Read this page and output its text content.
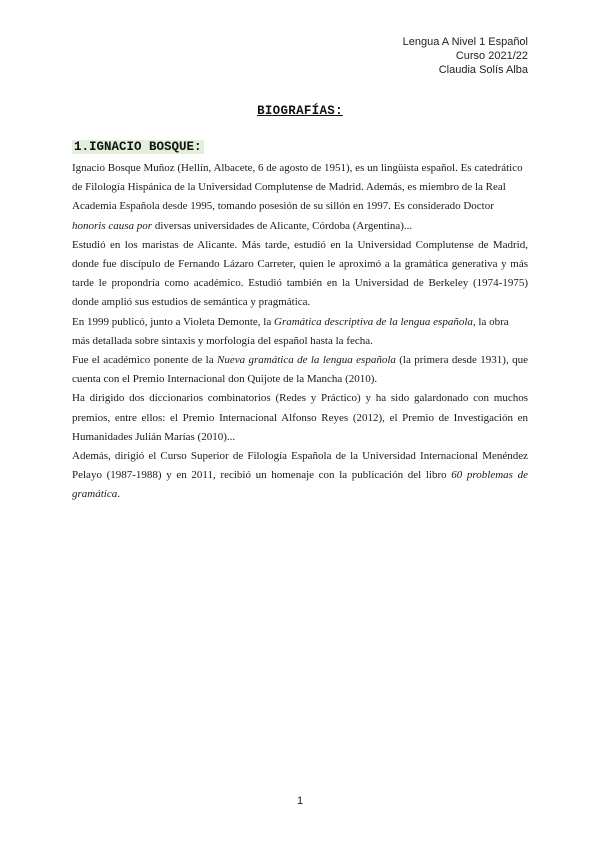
Lengua A Nivel 1 Español
Curso 2021/22
Claudia Solís Alba
BIOGRAFÍAS:
1.IGNACIO BOSQUE:

Ignacio Bosque Muñoz (Hellín, Albacete, 6 de agosto de 1951), es un lingüista español. Es catedrático de Filología Hispánica de la Universidad Complutense de Madrid. Además, es miembro de la Real Academia Española desde 1995, tomando posesión de su sillón en 1997. Es considerado Doctor honoris causa por diversas universidades de Alicante, Córdoba (Argentina)...

Estudió en los maristas de Alicante. Más tarde, estudió en la Universidad Complutense de Madrid, donde fue discípulo de Fernando Lázaro Carreter, quien le aproximó a la gramática generativa y más tarde le propondría como académico. Estudió también en la Universidad de Berkeley (1974-1975) donde amplió sus estudios de semántica y pragmática.

En 1999 publicó, junto a Violeta Demonte, la Gramática descriptiva de la lengua española, la obra más detallada sobre sintaxis y morfología del español hasta la fecha.

Fue el académico ponente de la Nueva gramática de la lengua española (la primera desde 1931), que cuenta con el Premio Internacional don Quijote de la Mancha (2010).

Ha dirigido dos diccionarios combinatorios (Redes y Práctico) y ha sido galardonado con muchos premios, entre ellos: el Premio Internacional Alfonso Reyes (2012), el Premio de Investigación en Humanidades Julián Marías (2010)...

Además, dirigió el Curso Superior de Filología Española de la Universidad Internacional Menéndez Pelayo (1987-1988) y en 2011, recibió un homenaje con la publicación del libro 60 problemas de gramática.

1
